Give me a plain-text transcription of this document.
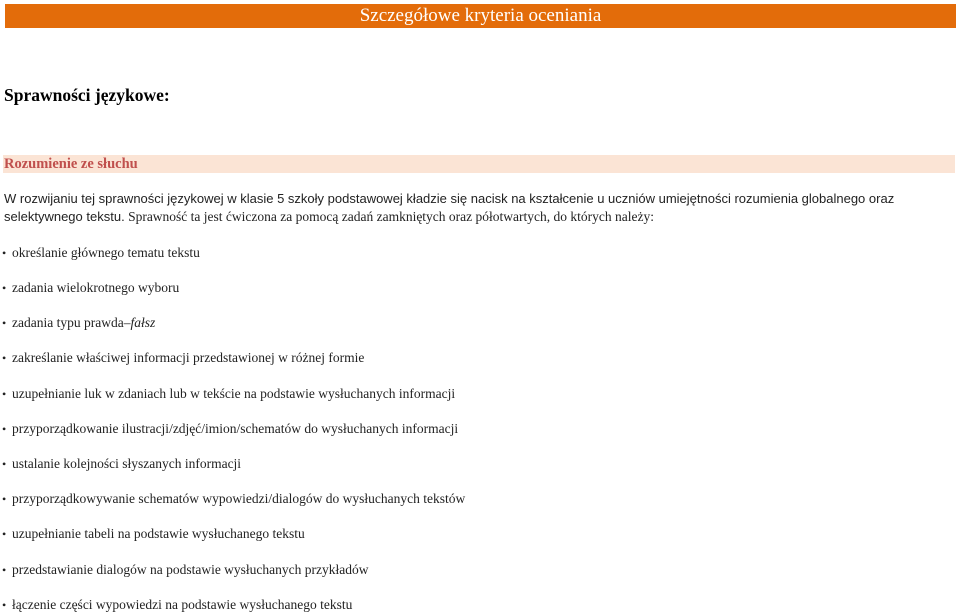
Szczegółowe kryteria oceniania
Sprawności językowe:
Rozumienie ze słuchu
W rozwijaniu tej sprawności językowej w klasie 5 szkoły podstawowej kładzie się nacisk na kształcenie u uczniów umiejętności rozumienia globalnego oraz selektywnego tekstu. Sprawność ta jest ćwiczona za pomocą zadań zamkniętych oraz półotwartych, do których należy:
• określanie głównego tematu tekstu
• zadania wielokrotnego wyboru
• zadania typu prawda–fałsz
• zakreślanie właściwej informacji przedstawionej w różnej formie
• uzupełnianie luk w zdaniach lub w tekście na podstawie wysłuchanych informacji
• przyporządkowanie ilustracji/zdjęć/imion/schematów do wysłuchanych informacji
• ustalanie kolejności słyszanych informacji
• przyporządkowywanie schematów wypowiedzi/dialogów do wysłuchanych tekstów
• uzupełnianie tabeli na podstawie wysłuchanego tekstu
• przedstawianie dialogów na podstawie wysłuchanych przykładów
• łączenie części wypowiedzi na podstawie wysłuchanego tekstu
